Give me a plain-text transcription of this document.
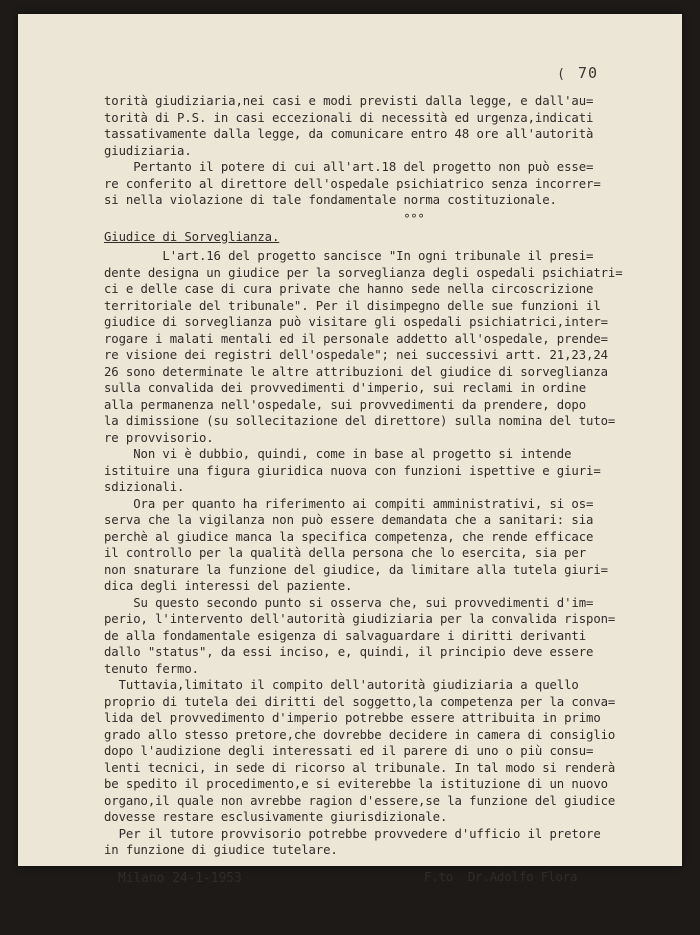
( 70
torità giudiziaria,nei casi e modi previsti dalla legge, e dall'au=
torità di P.S. in casi eccezionali di necessità ed urgenza,indicati
tassativamente dalla legge, da comunicare entro 48 ore all'autorità
giudiziaria.
Pertanto il potere di cui all'art.18 del progetto non può esse=
re conferito al direttore dell'ospedale psichiatrico senza incorrer=
si nella violazione di tale fondamentale norma costituzionale.
°°°
Giudice di Sorveglianza.
L'art.16 del progetto sancisce "In ogni tribunale il presi=
dente designa un giudice per la sorveglianza degli ospedali psichiatri=
ci e delle case di cura private che hanno sede nella circoscrizione
territoriale del tribunale". Per il disimpegno delle sue funzioni il
giudice di sorveglianza può visitare gli ospedali psichiatrici,inter=
rogare i malati mentali ed il personale addetto all'ospedale, prende=
re visione dei registri dell'ospedale"; nei successivi artt. 21,23,24
26 sono determinate le altre attribuzioni del giudice di sorveglianza
sulla convalida dei provvedimenti d'imperio, sui reclami in ordine
alla permanenza nell'ospedale, sui provvedimenti da prendere, dopo
la dimissione (su sollecitazione del direttore) sulla nomina del tuto=
re provvisorio.
Non vi è dubbio, quindi, come in base al progetto si intende
istituire una figura giuridica nuova con funzioni ispettive e giuri=
sdizionali.
Ora per quanto ha riferimento ai compiti amministrativi, si os=
serva che la vigilanza non può essere demandata che a sanitari: sia
perchè al giudice manca la specifica competenza, che rende efficace
il controllo per la qualità della persona che lo esercita, sia per
non snaturare la funzione del giudice, da limitare alla tutela giuri=
dica degli interessi del paziente.
Su questo secondo punto si osserva che, sui provvedimenti d'im=
perio, l'intervento dell'autorità giudiziaria per la convalida rispon=
de alla fondamentale esigenza di salvaguardare i diritti derivanti
dallo "status", da essi inciso, e, quindi, il principio deve essere
tenuto fermo.
Tuttavia,limitato il compito dell'autorità giudiziaria a quello
proprio di tutela dei diritti del soggetto,la competenza per la conva=
lida del provvedimento d'imperio potrebbe essere attribuita in primo
grado allo stesso pretore,che dovrebbe decidere in camera di consiglio
dopo l'audizione degli interessati ed il parere di uno o più consu=
lenti tecnici, in sede di ricorso al tribunale. In tal modo si renderà
be spedito il procedimento,e si eviterebbe la istituzione di un nuovo
organo,il quale non avrebbe ragion d'essere,se la funzione del giudice
dovesse restare esclusivamente giurisdizionale.
Per il tutore provvisorio potrebbe provvedere d'ufficio il pretore
in funzione di giudice tutelare.

Milano 24-1-1953

	F.to  Dr.Adolfo Flora
